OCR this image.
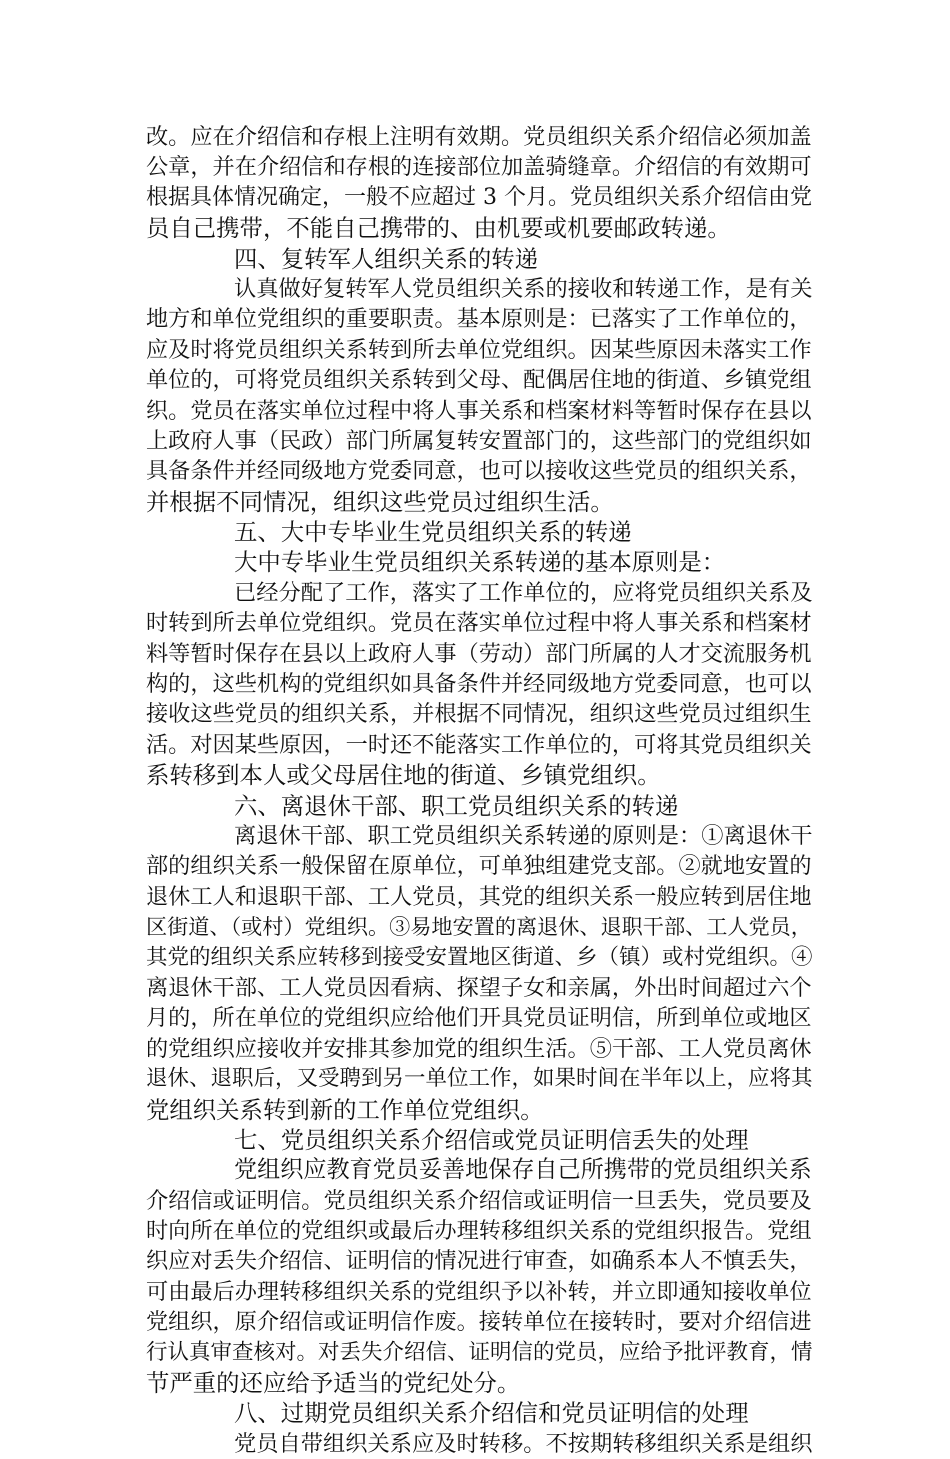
改。应在介绍信和存根上注明有效期。党员组织关系介绍信必须加盖
公章，并在介绍信和存根的连接部位加盖骑缝章。介绍信的有效期可
根据具体情况确定，一般不应超过 3 个月。党员组织关系介绍信由党
员自己携带，不能自己携带的、由机要或机要邮政转递。
四、复转军人组织关系的转递
认真做好复转军人党员组织关系的接收和转递工作，是有关
地方和单位党组织的重要职责。基本原则是：已落实了工作单位的，
应及时将党员组织关系转到所去单位党组织。因某些原因未落实工作
单位的，可将党员组织关系转到父母、配偶居住地的街道、乡镇党组
织。党员在落实单位过程中将人事关系和档案材料等暂时保存在县以
上政府人事（民政）部门所属复转安置部门的，这些部门的党组织如
具备条件并经同级地方党委同意，也可以接收这些党员的组织关系，
并根据不同情况，组织这些党员过组织生活。
五、大中专毕业生党员组织关系的转递
大中专毕业生党员组织关系转递的基本原则是：
已经分配了工作，落实了工作单位的，应将党员组织关系及
时转到所去单位党组织。党员在落实单位过程中将人事关系和档案材
料等暂时保存在县以上政府人事（劳动）部门所属的人才交流服务机
构的，这些机构的党组织如具备条件并经同级地方党委同意，也可以
接收这些党员的组织关系，并根据不同情况，组织这些党员过组织生
活。对因某些原因，一时还不能落实工作单位的，可将其党员组织关
系转移到本人或父母居住地的街道、乡镇党组织。
六、离退休干部、职工党员组织关系的转递
离退休干部、职工党员组织关系转递的原则是：①离退休干
部的组织关系一般保留在原单位，可单独组建党支部。②就地安置的
退休工人和退职干部、工人党员，其党的组织关系一般应转到居住地
区街道、（或村）党组织。③易地安置的离退休、退职干部、工人党员，
其党的组织关系应转移到接受安置地区街道、乡（镇）或村党组织。④
离退休干部、工人党员因看病、探望子女和亲属，外出时间超过六个
月的，所在单位的党组织应给他们开具党员证明信，所到单位或地区
的党组织应接收并安排其参加党的组织生活。⑤干部、工人党员离休
退休、退职后，又受聘到另一单位工作，如果时间在半年以上，应将其
党组织关系转到新的工作单位党组织。
七、党员组织关系介绍信或党员证明信丢失的处理
党组织应教育党员妥善地保存自己所携带的党员组织关系
介绍信或证明信。党员组织关系介绍信或证明信一旦丢失，党员要及
时向所在单位的党组织或最后办理转移组织关系的党组织报告。党组
织应对丢失介绍信、证明信的情况进行审查，如确系本人不慎丢失，
可由最后办理转移组织关系的党组织予以补转，并立即通知接收单位
党组织，原介绍信或证明信作废。接转单位在接转时，要对介绍信进
行认真审查核对。对丢失介绍信、证明信的党员，应给予批评教育，情
节严重的还应给予适当的党纪处分。
八、过期党员组织关系介绍信和党员证明信的处理
党员自带组织关系应及时转移。不按期转移组织关系是组织
